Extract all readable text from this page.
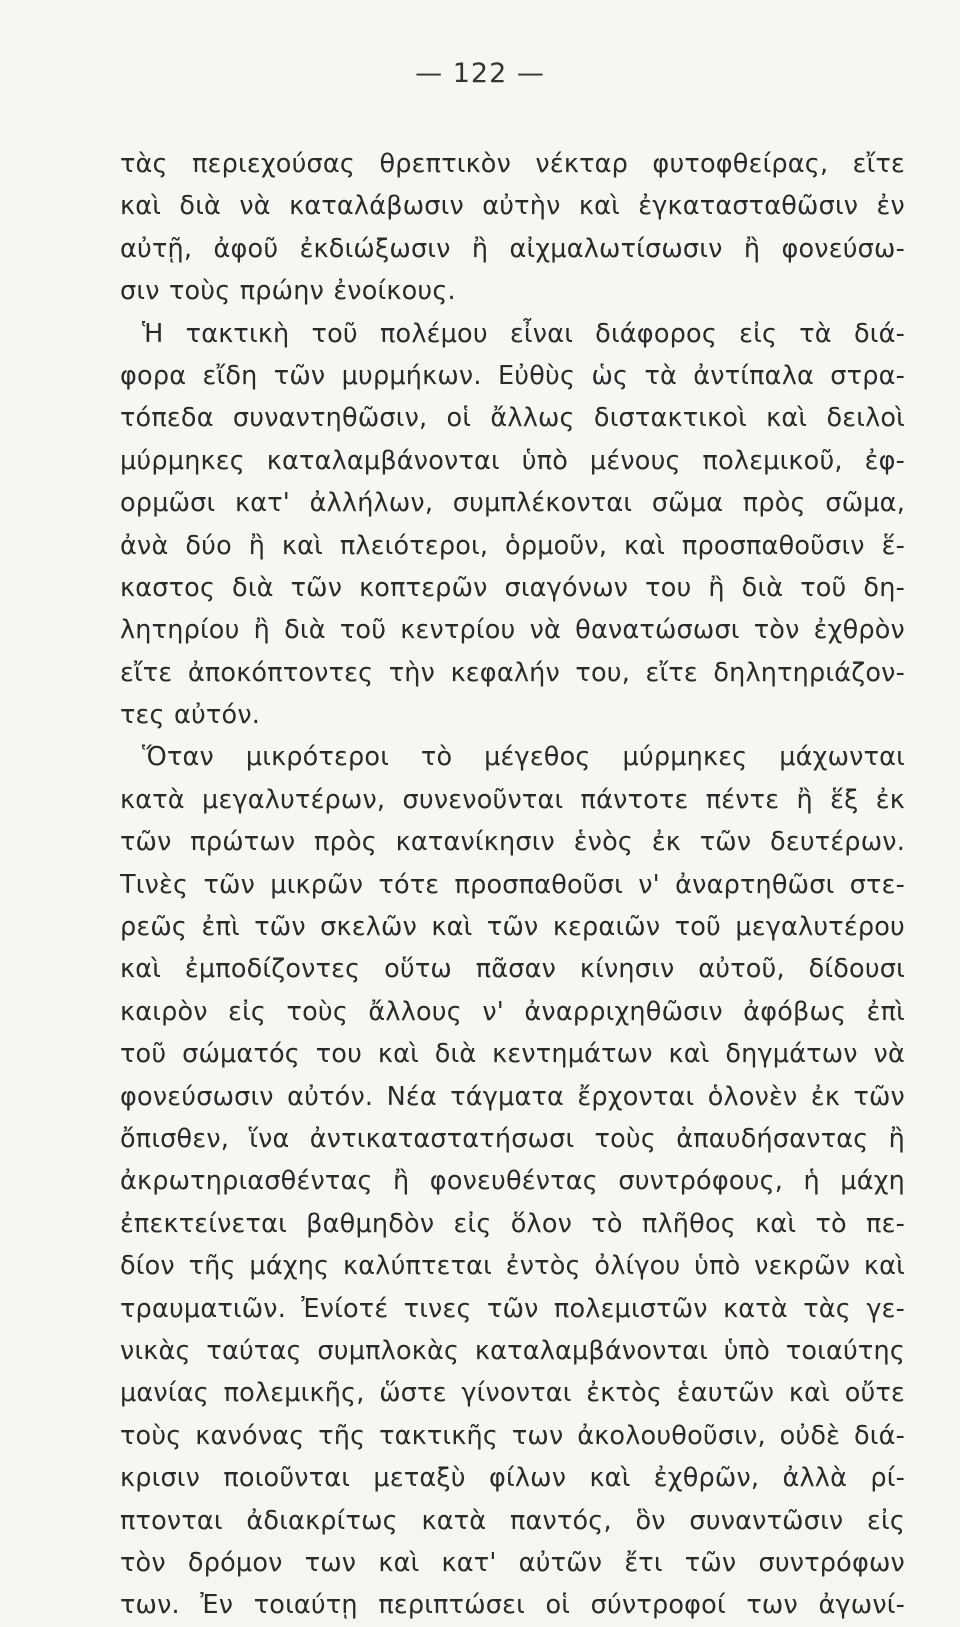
— 122 —
τὰς περιεχούσας θρεπτικὸν νέκταρ φυτοφθείρας, εἴτε
καὶ διὰ νὰ καταλάβωσιν αὐτὴν καὶ ἐγκατασταθῶσιν ἐν
αὐτῇ, ἀφοῦ ἐκδιώξωσιν ἢ αἰχμαλωτίσωσιν ἢ φονεύσω-
σιν τοὺς πρώην ἐνοίκους.
Ἡ τακτικὴ τοῦ πολέμου εἶναι διάφορος εἰς τὰ διά-
φορα εἴδη τῶν μυρμήκων. Εὐθὺς ὡς τὰ ἀντίπαλα στρα-
τόπεδα συναντηθῶσιν, οἱ ἄλλως διστακτικοὶ καὶ δειλοὶ
μύρμηκες καταλαμβάνονται ὑπὸ μένους πολεμικοῦ, ἐφ-
ορμῶσι κατ' ἀλλήλων, συμπλέκονται σῶμα πρὸς σῶμα,
ἀνὰ δύο ἢ καὶ πλειότεροι, ὁρμοῦν, καὶ προσπαθοῦσιν ἕ-
καστος διὰ τῶν κοπτερῶν σιαγόνων του ἢ διὰ τοῦ δη-
λητηρίου ἢ διὰ τοῦ κεντρίου νὰ θανατώσωσι τὸν ἐχθρὸν
εἴτε ἀποκόπτοντες τὴν κεφαλήν του, εἴτε δηλητηριάζον-
τες αὐτόν.
Ὅταν μικρότεροι τὸ μέγεθος μύρμηκες μάχωνται
κατὰ μεγαλυτέρων, συνενοῦνται πάντοτε πέντε ἢ ἕξ ἐκ
τῶν πρώτων πρὸς κατανίκησιν ἑνὸς ἐκ τῶν δευτέρων.
Τινὲς τῶν μικρῶν τότε προσπαθοῦσι ν' ἀναρτηθῶσι στε-
ρεῶς ἐπὶ τῶν σκελῶν καὶ τῶν κεραιῶν τοῦ μεγαλυτέρου
καὶ ἐμποδίζοντες οὕτω πᾶσαν κίνησιν αὐτοῦ, δίδουσι
καιρὸν εἰς τοὺς ἄλλους ν' ἀναρριχηθῶσιν ἀφόβως ἐπὶ
τοῦ σώματός του καὶ διὰ κεντημάτων καὶ δηγμάτων νὰ
φονεύσωσιν αὐτόν. Νέα τάγματα ἔρχονται ὁλονὲν ἐκ τῶν
ὄπισθεν, ἵνα ἀντικαταστατήσωσι τοὺς ἀπαυδήσαντας ἢ
ἀκρωτηριασθέντας ἢ φονευθέντας συντρόφους, ἡ μάχη
ἐπεκτείνεται βαθμηδὸν εἰς ὅλον τὸ πλῆθος καὶ τὸ πε-
δίον τῆς μάχης καλύπτεται ἐντὸς ὀλίγου ὑπὸ νεκρῶν καὶ
τραυματιῶν. Ἐνίοτέ τινες τῶν πολεμιστῶν κατὰ τὰς γε-
νικὰς ταύτας συμπλοκὰς καταλαμβάνονται ὑπὸ τοιαύτης
μανίας πολεμικῆς, ὥστε γίνονται ἐκτὸς ἑαυτῶν καὶ οὔτε
τοὺς κανόνας τῆς τακτικῆς των ἀκολουθοῦσιν, οὐδὲ διά-
κρισιν ποιοῦνται μεταξὺ φίλων καὶ ἐχθρῶν, ἀλλὰ ρί-
πτονται ἀδιακρίτως κατὰ παντός, ὃν συναντῶσιν εἰς
τὸν δρόμον των καὶ κατ' αὐτῶν ἔτι τῶν συντρόφων
των. Ἐν τοιαύτῃ περιπτώσει οἱ σύντροφοί των ἀγωνί-
